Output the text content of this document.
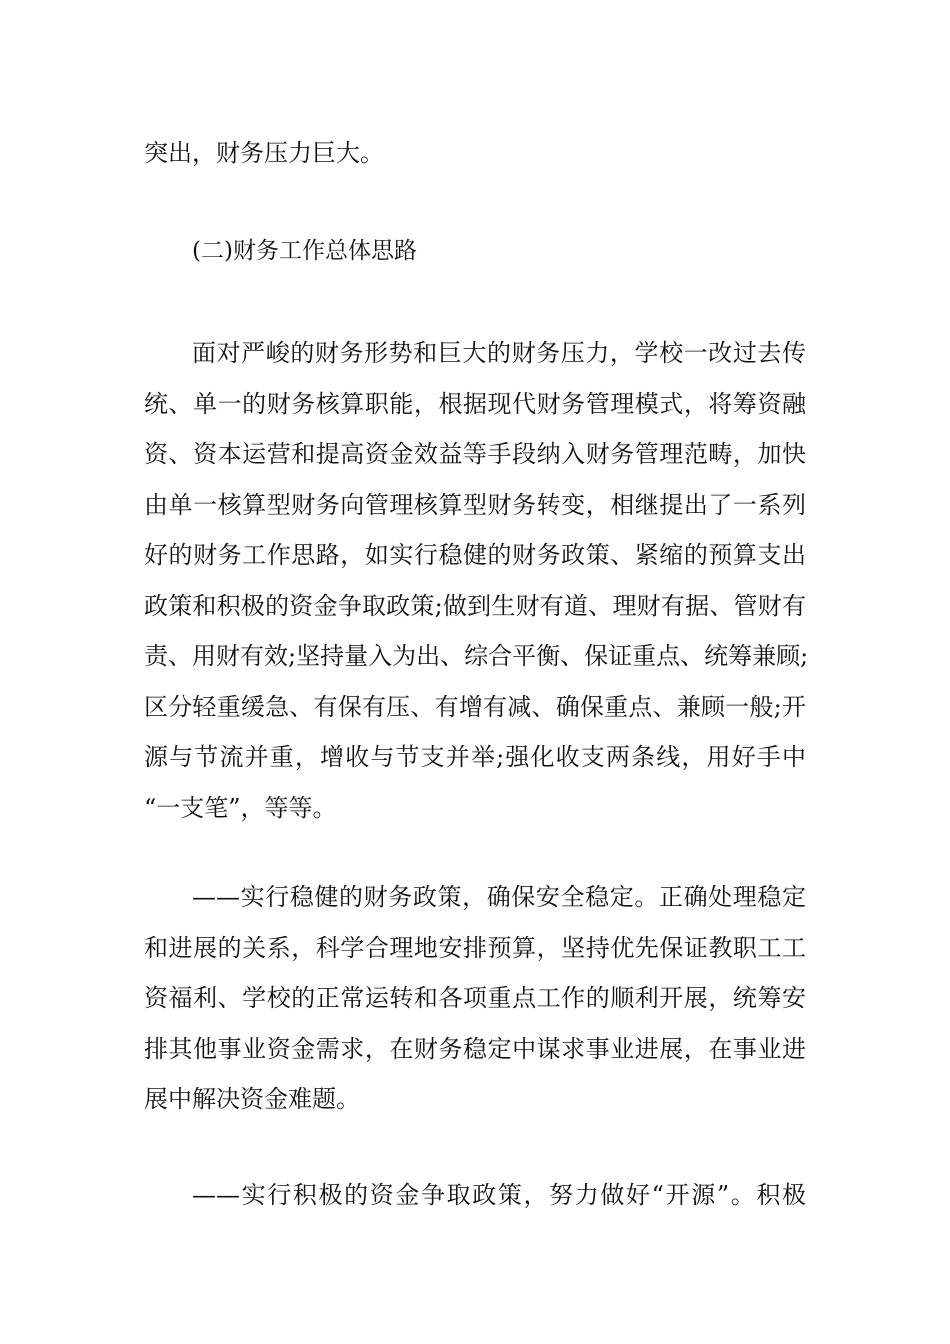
突出，财务压力巨大。
(二)财务工作总体思路
面对严峻的财务形势和巨大的财务压力，学校一改过去传
统、单一的财务核算职能，根据现代财务管理模式，将筹资融
资、资本运营和提高资金效益等手段纳入财务管理范畴，加快
由单一核算型财务向管理核算型财务转变，相继提出了一系列
好的财务工作思路，如实行稳健的财务政策、紧缩的预算支出
政策和积极的资金争取政策;做到生财有道、理财有据、管财有
责、用财有效;坚持量入为出、综合平衡、保证重点、统筹兼顾;
区分轻重缓急、有保有压、有增有减、确保重点、兼顾一般;开
源与节流并重，增收与节支并举;强化收支两条线，用好手中
“一支笔”，等等。
——实行稳健的财务政策，确保安全稳定。正确处理稳定
和进展的关系，科学合理地安排预算，坚持优先保证教职工工
资福利、学校的正常运转和各项重点工作的顺利开展，统筹安
排其他事业资金需求，在财务稳定中谋求事业进展，在事业进
展中解决资金难题。
——实行积极的资金争取政策，努力做好“开源”。积极
